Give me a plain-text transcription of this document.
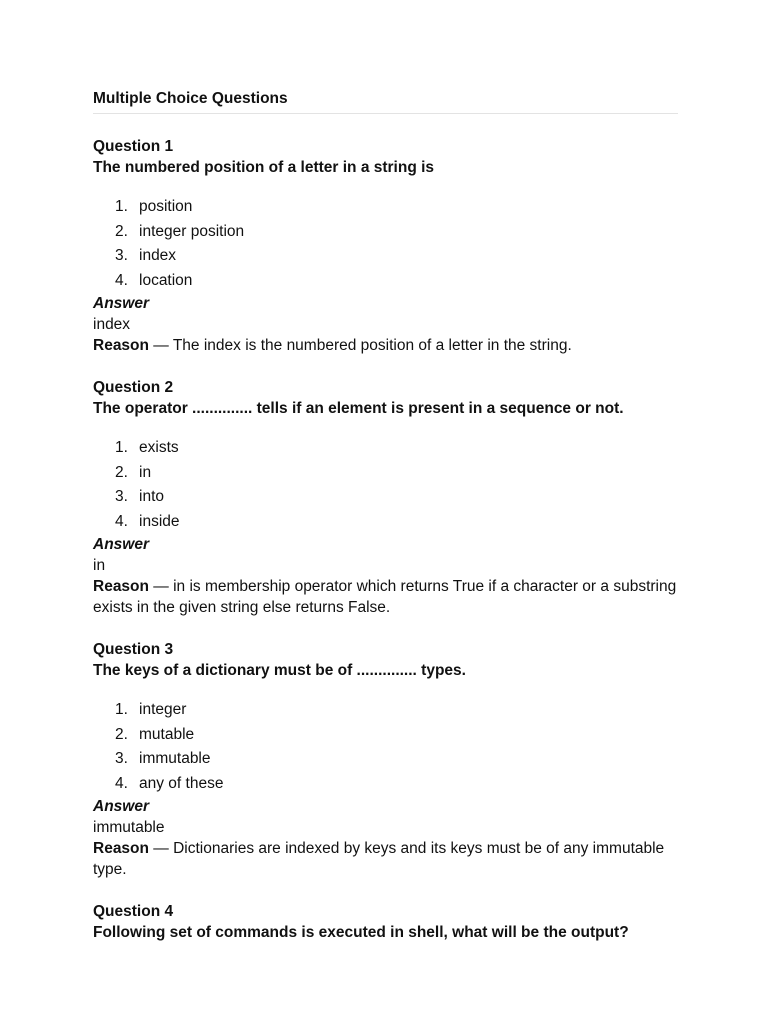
Multiple Choice Questions
Question 1
The numbered position of a letter in a string is
1. position
2. integer position
3. index
4. location
Answer
index
Reason — The index is the numbered position of a letter in the string.
Question 2
The operator .............. tells if an element is present in a sequence or not.
1. exists
2. in
3. into
4. inside
Answer
in
Reason — in is membership operator which returns True if a character or a substring exists in the given string else returns False.
Question 3
The keys of a dictionary must be of .............. types.
1. integer
2. mutable
3. immutable
4. any of these
Answer
immutable
Reason — Dictionaries are indexed by keys and its keys must be of any immutable type.
Question 4
Following set of commands is executed in shell, what will be the output?
